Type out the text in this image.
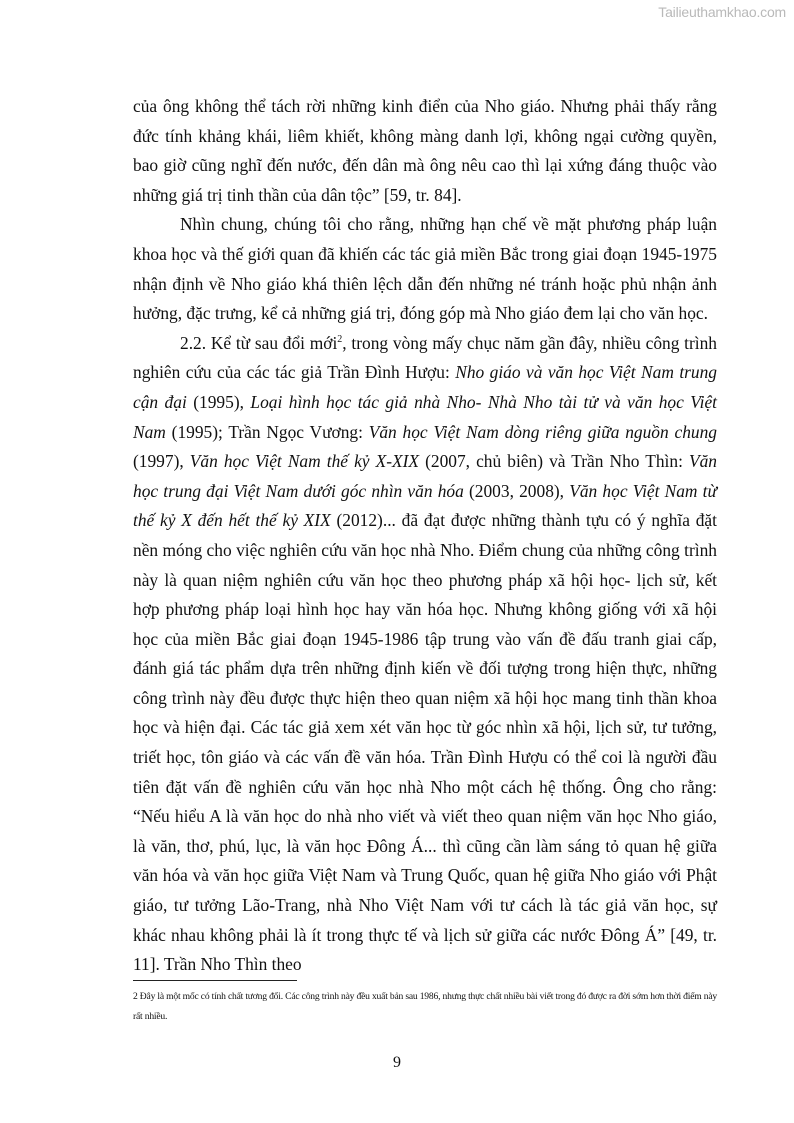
Tailieuthamkhao.com

của ông không thể tách rời những kinh điển của Nho giáo. Nhưng phải thấy rằng đức tính khảng khái, liêm khiết, không màng danh lợi, không ngại cường quyền, bao giờ cũng nghĩ đến nước, đến dân mà ông nêu cao thì lại xứng đáng thuộc vào những giá trị tinh thần của dân tộc” [59, tr. 84].

Nhìn chung, chúng tôi cho rằng, những hạn chế về mặt phương pháp luận khoa học và thế giới quan đã khiến các tác giả miền Bắc trong giai đoạn 1945-1975 nhận định về Nho giáo khá thiên lệch dẫn đến những né tránh hoặc phủ nhận ảnh hưởng, đặc trưng, kể cả những giá trị, đóng góp mà Nho giáo đem lại cho văn học.

2.2. Kể từ sau đổi mới$^2$, trong vòng mấy chục năm gần đây, nhiều công trình nghiên cứu của các tác giả Trần Đình Hượu: Nho giáo và văn học Việt Nam trung cận đại (1995), Loại hình học tác giả nhà Nho- Nhà Nho tài tử và văn học Việt Nam (1995); Trần Ngọc Vương: Văn học Việt Nam dòng riêng giữa nguồn chung (1997), Văn học Việt Nam thế kỷ X-XIX (2007, chủ biên) và Trần Nho Thìn: Văn học trung đại Việt Nam dưới góc nhìn văn hóa (2003, 2008), Văn học Việt Nam từ thế kỷ X đến hết thế kỷ XIX (2012)... đã đạt được những thành tựu có ý nghĩa đặt nền móng cho việc nghiên cứu văn học nhà Nho. Điểm chung của những công trình này là quan niệm nghiên cứu văn học theo phương pháp xã hội học- lịch sử, kết hợp phương pháp loại hình học hay văn hóa học. Nhưng không giống với xã hội học của miền Bắc giai đoạn 1945-1986 tập trung vào vấn đề đấu tranh giai cấp, đánh giá tác phẩm dựa trên những định kiến về đối tượng trong hiện thực, những công trình này đều được thực hiện theo quan niệm xã hội học mang tinh thần khoa học và hiện đại. Các tác giả xem xét văn học từ góc nhìn xã hội, lịch sử, tư tưởng, triết học, tôn giáo và các vấn đề văn hóa. Trần Đình Hượu có thể coi là người đầu tiên đặt vấn đề nghiên cứu văn học nhà Nho một cách hệ thống. Ông cho rằng: “Nếu hiểu A là văn học do nhà nho viết và viết theo quan niệm văn học Nho giáo, là văn, thơ, phú, lục, là văn học Đông Á... thì cũng cần làm sáng tỏ quan hệ giữa văn hóa và văn học giữa Việt Nam và Trung Quốc, quan hệ giữa Nho giáo với Phật giáo, tư tưởng Lão-Trang, nhà Nho Việt Nam với tư cách là tác giả văn học, sự khác nhau không phải là ít trong thực tế và lịch sử giữa các nước Đông Á” [49, tr. 11]. Trần Nho Thìn theo

2 Đây là một mốc có tính chất tương đối. Các công trình này đều xuất bản sau 1986, nhưng thực chất nhiều bài viết trong đó được ra đời sớm hơn thời điểm này rất nhiều.
9
